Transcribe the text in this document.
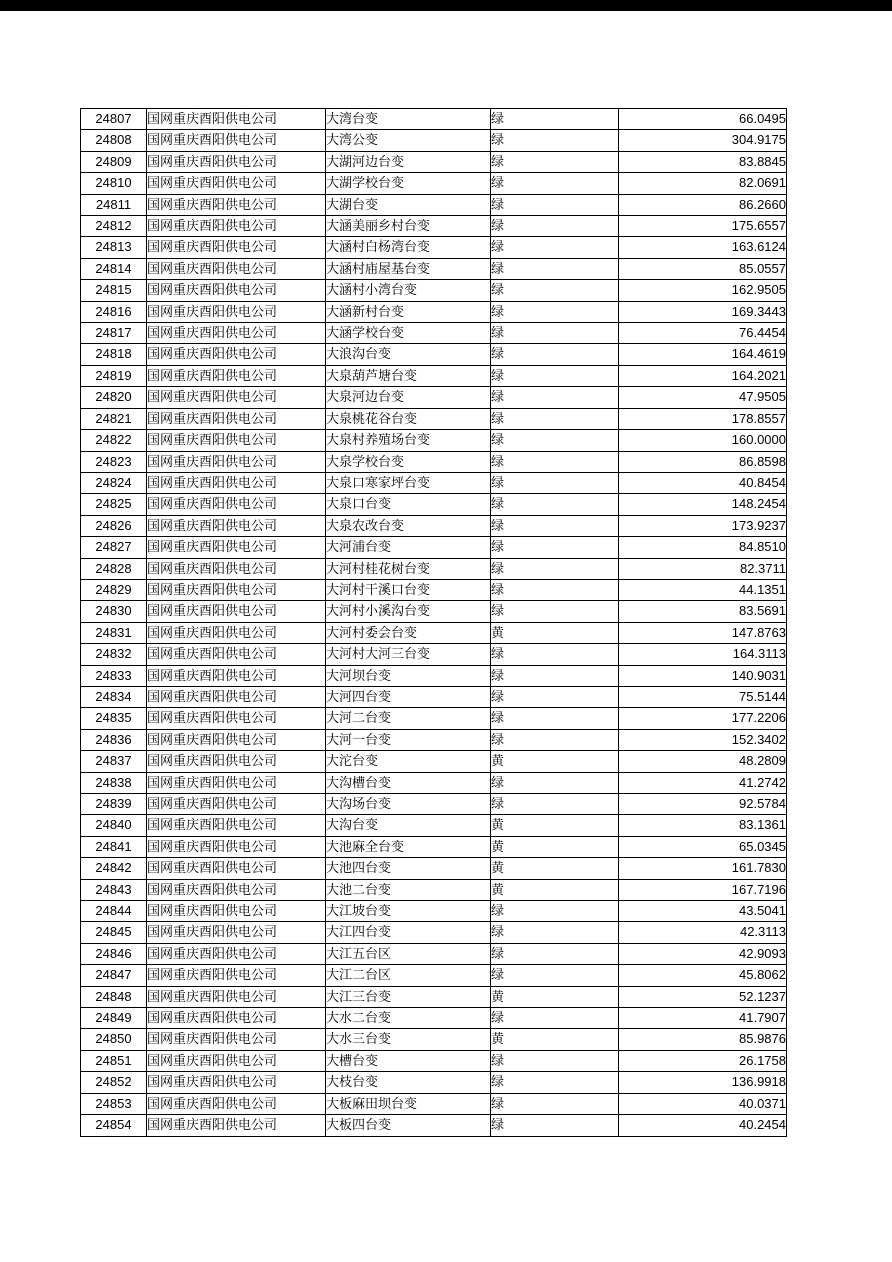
24807	国网重庆酉阳供电公司	大湾台变	绿	66.0495
24808	国网重庆酉阳供电公司	大湾公变	绿	304.9175
24809	国网重庆酉阳供电公司	大湖河边台变	绿	83.8845
24810	国网重庆酉阳供电公司	大湖学校台变	绿	82.0691
24811	国网重庆酉阳供电公司	大湖台变	绿	86.2660
24812	国网重庆酉阳供电公司	大涵美丽乡村台变	绿	175.6557
24813	国网重庆酉阳供电公司	大涵村白杨湾台变	绿	163.6124
24814	国网重庆酉阳供电公司	大涵村庙屋基台变	绿	85.0557
24815	国网重庆酉阳供电公司	大涵村小湾台变	绿	162.9505
24816	国网重庆酉阳供电公司	大涵新村台变	绿	169.3443
24817	国网重庆酉阳供电公司	大涵学校台变	绿	76.4454
24818	国网重庆酉阳供电公司	大浪沟台变	绿	164.4619
24819	国网重庆酉阳供电公司	大泉葫芦塘台变	绿	164.2021
24820	国网重庆酉阳供电公司	大泉河边台变	绿	47.9505
24821	国网重庆酉阳供电公司	大泉桃花谷台变	绿	178.8557
24822	国网重庆酉阳供电公司	大泉村养殖场台变	绿	160.0000
24823	国网重庆酉阳供电公司	大泉学校台变	绿	86.8598
24824	国网重庆酉阳供电公司	大泉口寒家坪台变	绿	40.8454
24825	国网重庆酉阳供电公司	大泉口台变	绿	148.2454
24826	国网重庆酉阳供电公司	大泉农改台变	绿	173.9237
24827	国网重庆酉阳供电公司	大河浦台变	绿	84.8510
24828	国网重庆酉阳供电公司	大河村桂花树台变	绿	82.3711
24829	国网重庆酉阳供电公司	大河村干溪口台变	绿	44.1351
24830	国网重庆酉阳供电公司	大河村小溪沟台变	绿	83.5691
24831	国网重庆酉阳供电公司	大河村委会台变	黄	147.8763
24832	国网重庆酉阳供电公司	大河村大河三台变	绿	164.3113
24833	国网重庆酉阳供电公司	大河坝台变	绿	140.9031
24834	国网重庆酉阳供电公司	大河四台变	绿	75.5144
24835	国网重庆酉阳供电公司	大河二台变	绿	177.2206
24836	国网重庆酉阳供电公司	大河一台变	绿	152.3402
24837	国网重庆酉阳供电公司	大沱台变	黄	48.2809
24838	国网重庆酉阳供电公司	大沟槽台变	绿	41.2742
24839	国网重庆酉阳供电公司	大沟场台变	绿	92.5784
24840	国网重庆酉阳供电公司	大沟台变	黄	83.1361
24841	国网重庆酉阳供电公司	大池麻全台变	黄	65.0345
24842	国网重庆酉阳供电公司	大池四台变	黄	161.7830
24843	国网重庆酉阳供电公司	大池二台变	黄	167.7196
24844	国网重庆酉阳供电公司	大江坡台变	绿	43.5041
24845	国网重庆酉阳供电公司	大江四台变	绿	42.3113
24846	国网重庆酉阳供电公司	大江五台区	绿	42.9093
24847	国网重庆酉阳供电公司	大江二台区	绿	45.8062
24848	国网重庆酉阳供电公司	大江三台变	黄	52.1237
24849	国网重庆酉阳供电公司	大水二台变	绿	41.7907
24850	国网重庆酉阳供电公司	大水三台变	黄	85.9876
24851	国网重庆酉阳供电公司	大槽台变	绿	26.1758
24852	国网重庆酉阳供电公司	大枝台变	绿	136.9918
24853	国网重庆酉阳供电公司	大板麻田坝台变	绿	40.0371
24854	国网重庆酉阳供电公司	大板四台变	绿	40.2454
